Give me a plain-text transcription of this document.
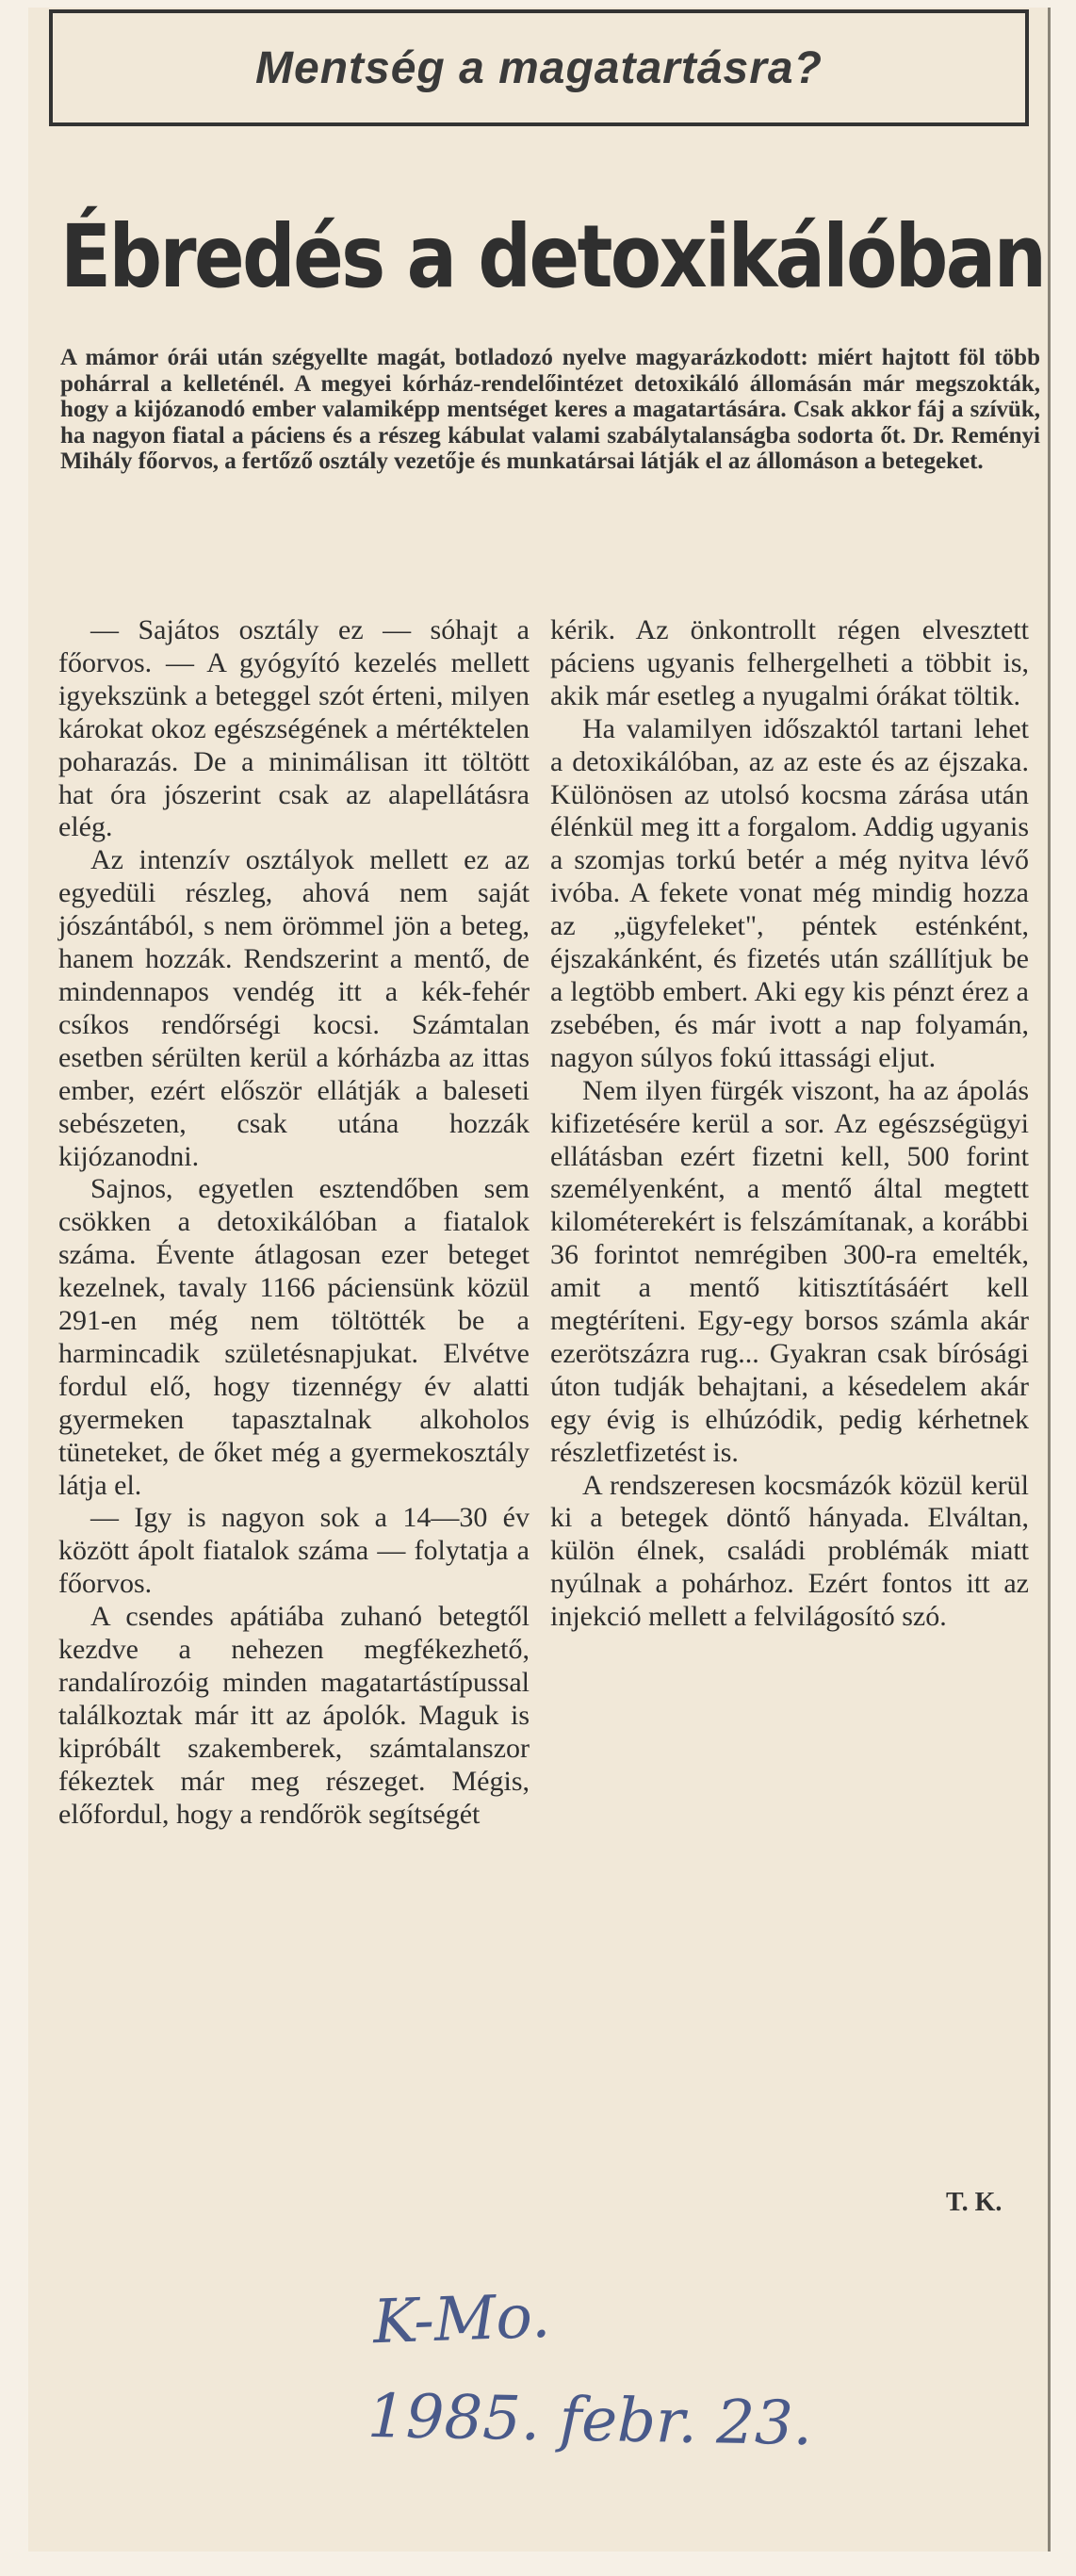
Mentség a magatartásra?
Ébredés a detoxikálóban
A mámor órái után szégyellte magát, botladozó nyelve magyarázkodott: miért hajtott föl több pohárral a kelleténél. A megyei kórház-rendelőintézet detoxikáló állomásán már megszokták, hogy a kijózanodó ember valamiképp mentséget keres a magatartására. Csak akkor fáj a szívük, ha nagyon fiatal a páciens és a részeg kábulat valami szabálytalanságba sodorta őt. Dr. Reményi Mihály főorvos, a fertőző osztály vezetője és munkatársai látják el az állomáson a betegeket.

— Sajátos osztály ez — sóhajt a főorvos. — A gyógyító kezelés mellett igyekszünk a beteggel szót érteni, milyen károkat okoz egészségének a mértéktelen poharazás. De a minimálisan itt töltött hat óra jószerint csak az alapellátásra elég.

Az intenzív osztályok mellett ez az egyedüli részleg, ahová nem saját jószántából, s nem örömmel jön a beteg, hanem hozzák. Rendszerint a mentő, de mindennapos vendég itt a kék-fehér csíkos rendőrségi kocsi. Számtalan esetben sérülten kerül a kórházba az ittas ember, ezért először ellátják a baleseti sebészeten, csak utána hozzák kijózanodni.

Sajnos, egyetlen esztendőben sem csökken a detoxikálóban a fiatalok száma. Évente átlagosan ezer beteget kezelnek, tavaly 1166 páciensünk közül 291-en még nem töltötték be a harmincadik születésnapjukat. Elvétve fordul elő, hogy tizennégy év alatti gyermeken tapasztalnak alkoholos tüneteket, de őket még a gyermekosztály látja el.

— Igy is nagyon sok a 14—30 év között ápolt fiatalok száma — folytatja a főorvos.

A csendes apátiába zuhanó betegtől kezdve a nehezen megfékezhető, randalírozóig minden magatartástípussal találkoztak már itt az ápolók. Maguk is kipróbált szakemberek, számtalanszor fékeztek már meg részeget. Mégis, előfordul, hogy a rendőrök segítségét

kérik. Az önkontrollt régen elvesztett páciens ugyanis felhergelheti a többit is, akik már esetleg a nyugalmi órákat töltik.

Ha valamilyen időszaktól tartani lehet a detoxikálóban, az az este és az éjszaka. Különösen az utolsó kocsma zárása után élénkül meg itt a forgalom. Addig ugyanis a szomjas torkú betér a még nyitva lévő ivóba. A fekete vonat még mindig hozza az „ügyfeleket", péntek esténként, éjszakánként, és fizetés után szállítjuk be a legtöbb embert. Aki egy kis pénzt érez a zsebében, és már ivott a nap folyamán, nagyon súlyos fokú ittassági eljut.

Nem ilyen fürgék viszont, ha az ápolás kifizetésére kerül a sor. Az egészségügyi ellátásban ezért fizetni kell, 500 forint személyenként, a mentő által megtett kilométerekért is felszámítanak, a korábbi 36 forintot nemrégiben 300-ra emelték, amit a mentő kitisztításáért kell megtéríteni. Egy-egy borsos számla akár ezerötszázra rug... Gyakran csak bírósági úton tudják behajtani, a késedelem akár egy évig is elhúzódik, pedig kérhetnek részletfizetést is.

A rendszeresen kocsmázók közül kerül ki a betegek döntő hányada. Elváltan, külön élnek, családi problémák miatt nyúlnak a pohárhoz. Ezért fontos itt az injekció mellett a felvilágosító szó.

T. K.
K-Mo.
1985. febr. 23.
